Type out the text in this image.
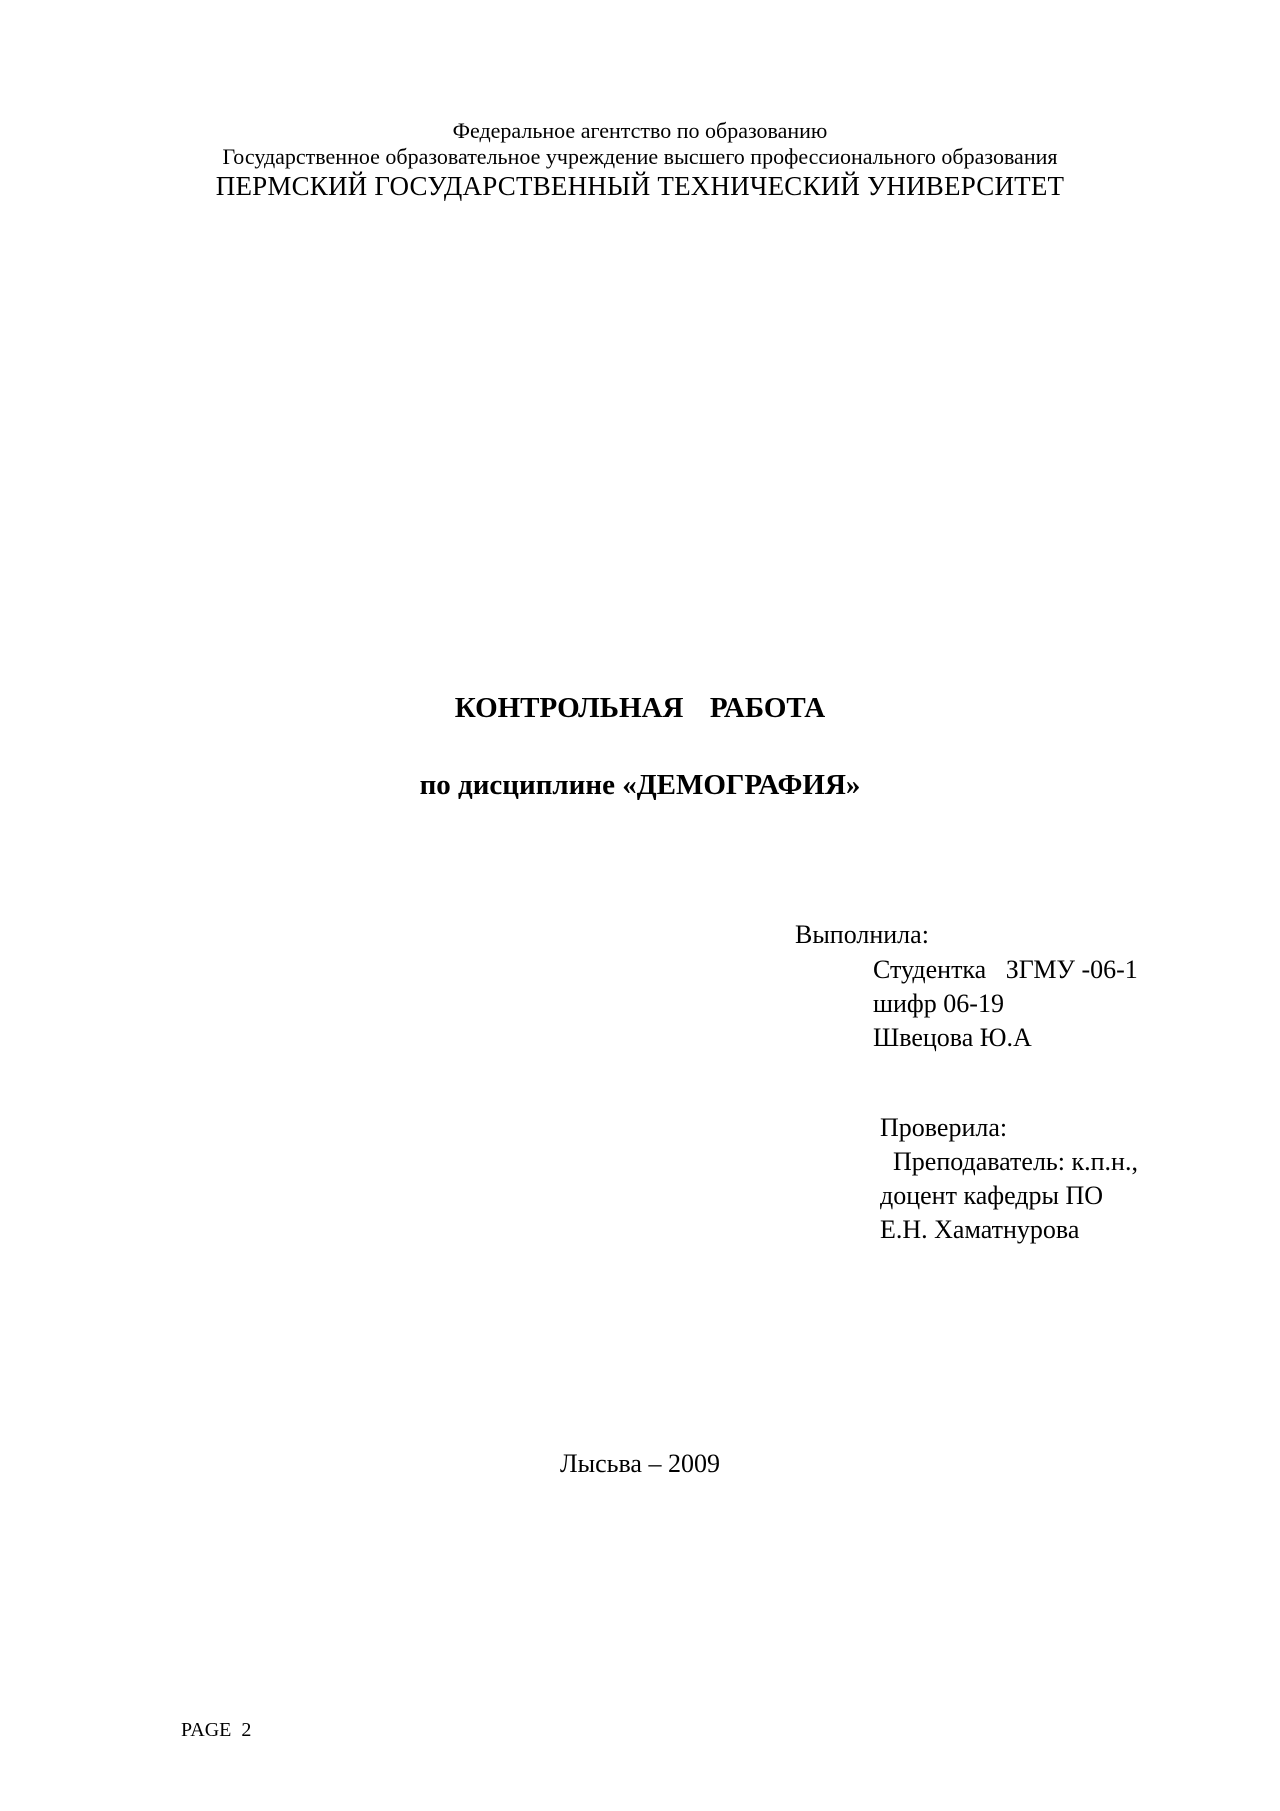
Федеральное агентство по образованию
Государственное образовательное учреждение высшего профессионального образования
ПЕРМСКИЙ ГОСУДАРСТВЕННЫЙ ТЕХНИЧЕСКИЙ УНИВЕРСИТЕТ
КОНТРОЛЬНАЯ  РАБОТА
по дисциплине «ДЕМОГРАФИЯ»
Выполнила:
Студентка   ЗГМУ -06-1
шифр 06-19
Швецова Ю.А
Проверила:
Преподаватель: к.п.н.,
доцент кафедры ПО
Е.Н. Хаматнурова
Лысьва – 2009
PAGE  2
